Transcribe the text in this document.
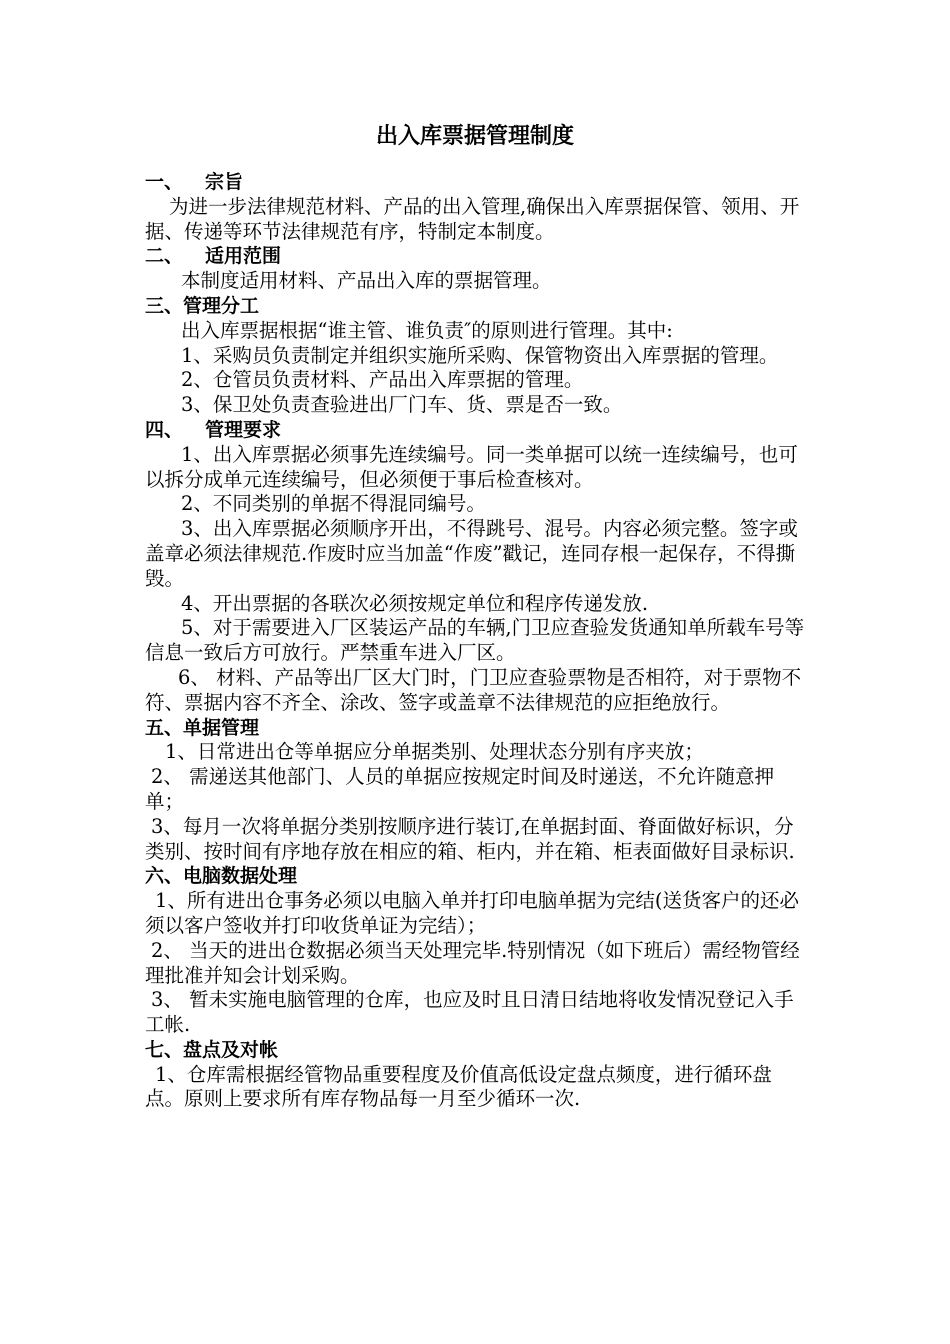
出入库票据管理制度

一、 宗旨

为进一步法律规范材料、产品的出入管理,确保出入库票据保管、领用、开据、传递等环节法律规范有序，特制定本制度。

二、 适用范围

本制度适用材料、产品出入库的票据管理。

三、管理分工

出入库票据根据“谁主管、谁负责″的原则进行管理。其中:

1、采购员负责制定并组织实施所采购、保管物资出入库票据的管理。

2、仓管员负责材料、产品出入库票据的管理。

3、保卫处负责查验进出厂门车、货、票是否一致。

四、 管理要求

1、出入库票据必须事先连续编号。同一类单据可以统一连续编号，也可以拆分成单元连续编号，但必须便于事后检查核对。

2、不同类别的单据不得混同编号。

3、出入库票据必须顺序开出，不得跳号、混号。内容必须完整。签字或盖章必须法律规范.作废时应当加盖“作废”戳记，连同存根一起保存，不得撕毁。

4、开出票据的各联次必须按规定单位和程序传递发放.

5、对于需要进入厂区装运产品的车辆,门卫应查验发货通知单所载车号等信息一致后方可放行。严禁重车进入厂区。

6、 材料、产品等出厂区大门时，门卫应查验票物是否相符，对于票物不符、票据内容不齐全、涂改、签字或盖章不法律规范的应拒绝放行。

五、单据管理

1、日常进出仓等单据应分单据类别、处理状态分别有序夹放；

2、 需递送其他部门、人员的单据应按规定时间及时递送，不允许随意押单；

3、每月一次将单据分类别按顺序进行装订,在单据封面、脊面做好标识，分类别、按时间有序地存放在相应的箱、柜内，并在箱、柜表面做好目录标识.

六、电脑数据处理

1、所有进出仓事务必须以电脑入单并打印电脑单据为完结(送货客户的还必须以客户签收并打印收货单证为完结）；

2、 当天的进出仓数据必须当天处理完毕.特别情况（如下班后）需经物管经理批准并知会计划采购。

3、 暂未实施电脑管理的仓库，也应及时且日清日结地将收发情况登记入手工帐.

七、盘点及对帐

1、仓库需根据经管物品重要程度及价值高低设定盘点频度，进行循环盘点。原则上要求所有库存物品每一月至少循环一次.
